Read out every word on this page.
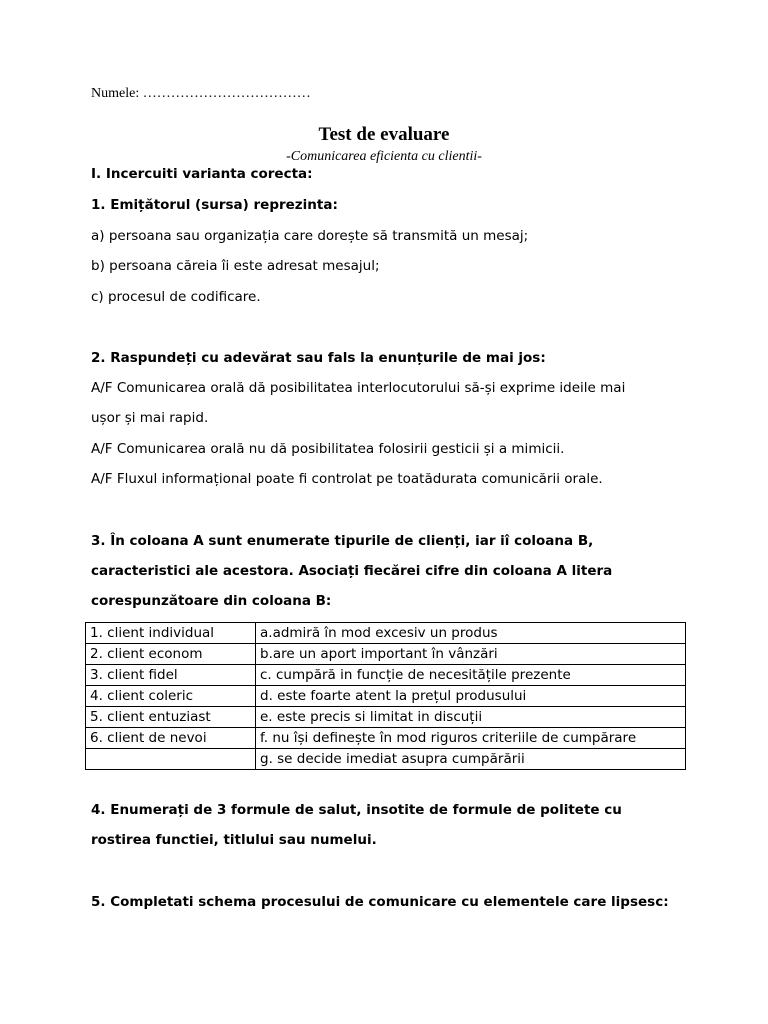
Numele: ………………………………
Test de evaluare
-Comunicarea eficienta cu clientii-
I. Incercuiti varianta corecta:
1. Emițătorul (sursa) reprezinta:
a) persoana sau organizația care dorește să transmită un mesaj;
b) persoana căreia îi este adresat mesajul;
c) procesul de codificare.
2. Raspundeți cu adevărat sau fals la enunțurile de mai jos:
A/F Comunicarea orală dă posibilitatea interlocutorului să-și exprime ideile mai
ușor și mai rapid.
A/F Comunicarea orală nu dă posibilitatea folosirii gesticii și a mimicii.
A/F Fluxul informațional poate fi controlat pe toatădurata comunicării orale.
3. În coloana A sunt enumerate tipurile de clienți, iar iî coloana B,
caracteristici ale acestora. Asociați fiecărei cifre din coloana A litera
corespunzătoare din coloana B:
1. client individual	a.admiră în mod excesiv un produs
2. client econom	b.are un aport important în vânzări
3. client fidel	c. cumpără in funcție de necesitățile prezente
4. client coleric	d. este foarte atent la prețul produsului
5. client entuziast	e. este precis si limitat in discuții
6. client de nevoi	f. nu își definește în mod riguros criteriile de cumpărare
	g. se decide imediat asupra cumpărării
4. Enumerați de 3 formule de salut, insotite de formule de politete cu
rostirea functiei, titlului sau numelui.
5. Completati schema procesului de comunicare cu elementele care lipsesc:
